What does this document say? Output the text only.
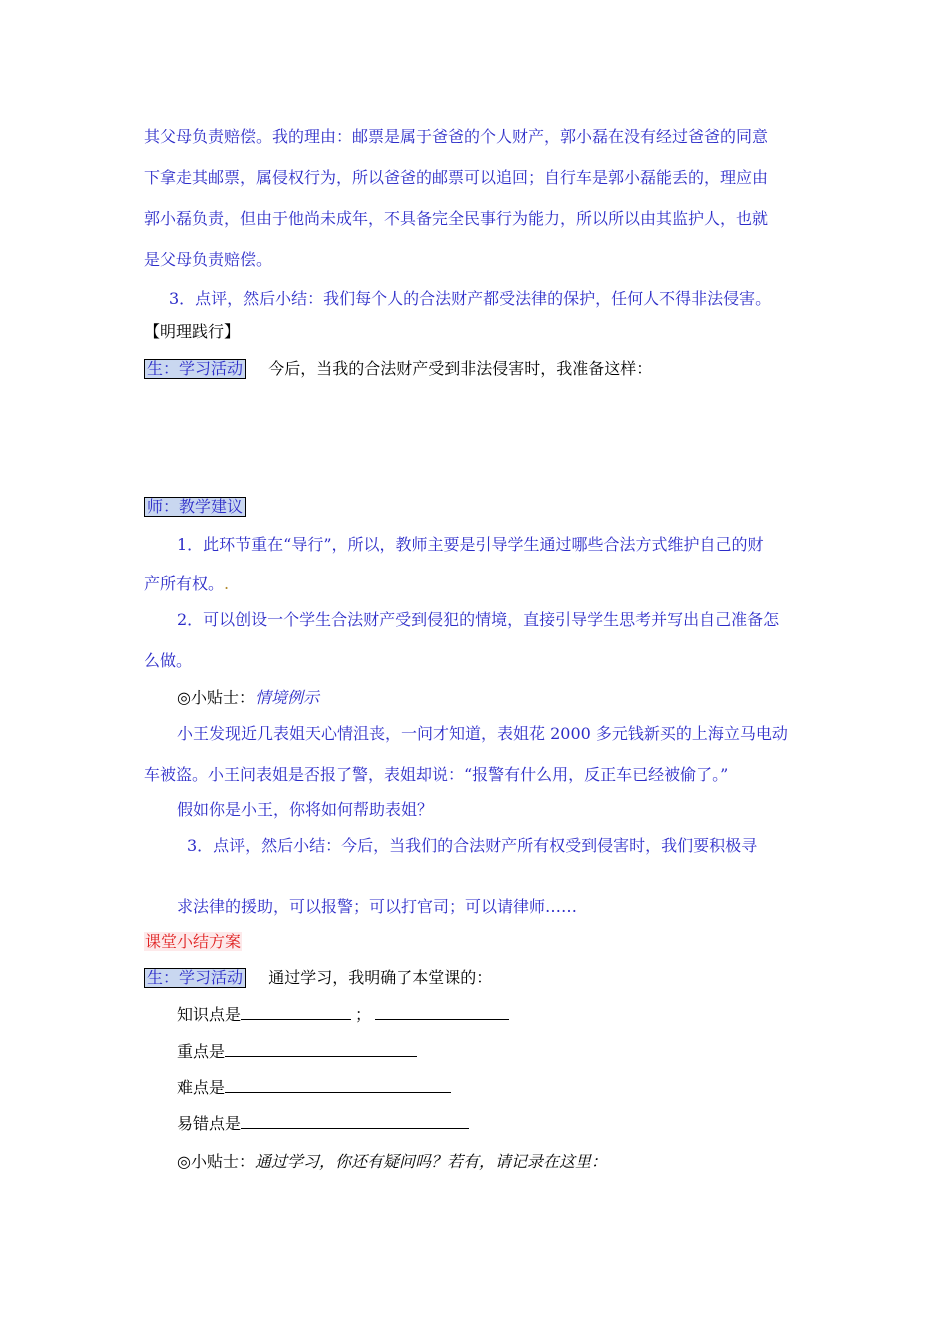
其父母负责赔偿。我的理由：邮票是属于爸爸的个人财产，郭小磊在没有经过爸爸的同意
下拿走其邮票，属侵权行为，所以爸爸的邮票可以追回；自行车是郭小磊能丢的，理应由
郭小磊负责，但由于他尚未成年，不具备完全民事行为能力，所以所以由其监护人，也就
是父母负责赔偿。
3．点评，然后小结：我们每个人的合法财产都受法律的保护，任何人不得非法侵害。
【明理践行】
生：学习活动 今后，当我的合法财产受到非法侵害时，我准备这样：
师：教学建议
1．此环节重在“导行”，所以，教师主要是引导学生通过哪些合法方式维护自己的财
产所有权。.
2．可以创设一个学生合法财产受到侵犯的情境，直接引导学生思考并写出自己准备怎
么做。
◎小贴士：情境例示
小王发现近几表姐天心情沮丧，一问才知道，表姐花 2000 多元钱新买的上海立马电动
车被盗。小王问表姐是否报了警，表姐却说：“报警有什么用，反正车已经被偷了。”
假如你是小王，你将如何帮助表姐？
3．点评，然后小结：今后，当我们的合法财产所有权受到侵害时，我们要积极寻
求法律的援助，可以报警；可以打官司；可以请律师……
课堂小结方案
生：学习活动 通过学习，我明确了本堂课的：
知识点是	；
重点是
难点是
易错点是
◎小贴士：通过学习，你还有疑问吗？若有，请记录在这里：
